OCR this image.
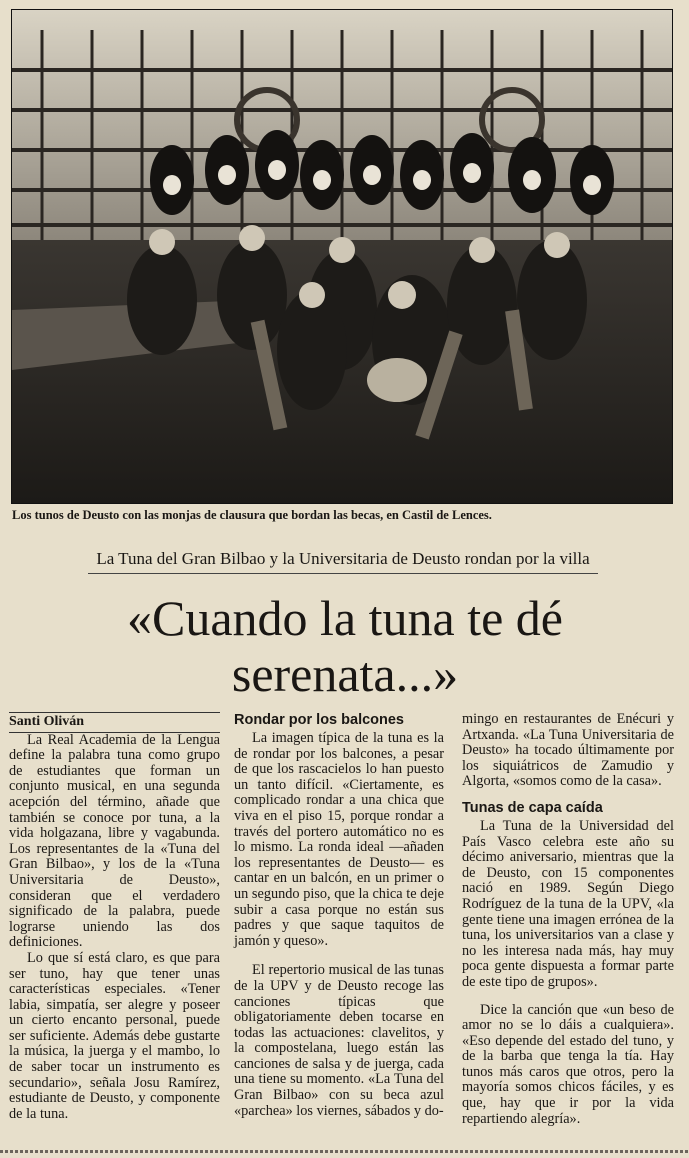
Los tunos de Deusto con las monjas de clausura que bordan las becas, en Castil de Lences.
La Tuna del Gran Bilbao y la Universitaria de Deusto rondan por la villa
«Cuando la tuna te dé
serenata...»

Santi Oliván

La Real Academia de la Lengua define la palabra tuna como grupo de estudiantes que forman un conjunto musical, en una segunda acepción del término, añade que también se conoce por tuna, a la vida holgazana, libre y vagabunda. Los representantes de la «Tuna del Gran Bilbao», y los de la «Tuna Universitaria de Deusto», consideran que el verdadero significado de la palabra, puede lograrse uniendo las dos definiciones.

Lo que sí está claro, es que para ser tuno, hay que tener unas características especiales. «Tener labia, simpatía, ser alegre y poseer un cierto encanto personal, puede ser suficiente. Además debe gustarte la música, la juerga y el mambo, lo de saber tocar un instrumento es secundario», señala Josu Ramírez, estudiante de Deusto, y componente de la tuna.

Rondar por los balcones

La imagen típica de la tuna es la de rondar por los balcones, a pesar de que los rascacielos lo han puesto un tanto difícil. «Ciertamente, es complicado rondar a una chica que viva en el piso 15, porque rondar a través del portero automático no es lo mismo. La ronda ideal —añaden los representantes de Deusto— es cantar en un balcón, en un primer o un segundo piso, que la chica te deje subir a casa porque no están sus padres y que saque taquitos de jamón y queso».

El repertorio musical de las tunas de la UPV y de Deusto recoge las canciones típicas que obligatoriamente deben tocarse en todas las actuaciones: clavelitos, y la compostelana, luego están las canciones de salsa y de juerga, cada una tiene su momento. «La Tuna del Gran Bilbao» con su beca azul «parchea» los viernes, sábados y do-

mingo en restaurantes de Enécuri y Artxanda. «La Tuna Universitaria de Deusto» ha tocado últimamente por los siquiátricos de Zamudio y Algorta, «somos como de la casa».

Tunas de capa caída

La Tuna de la Universidad del País Vasco celebra este año su décimo aniversario, mientras que la de Deusto, con 15 componentes nació en 1989. Según Diego Rodríguez de la tuna de la UPV, «la gente tiene una imagen errónea de la tuna, los universitarios van a clase y no les interesa nada más, hay muy poca gente dispuesta a formar parte de este tipo de grupos».

Dice la canción que «un beso de amor no se lo dáis a cualquiera». «Eso depende del estado del tuno, y de la barba que tenga la tía. Hay tunos más caros que otros, pero la mayoría somos chicos fáciles, y es que, hay que ir por la vida repartiendo alegría».
